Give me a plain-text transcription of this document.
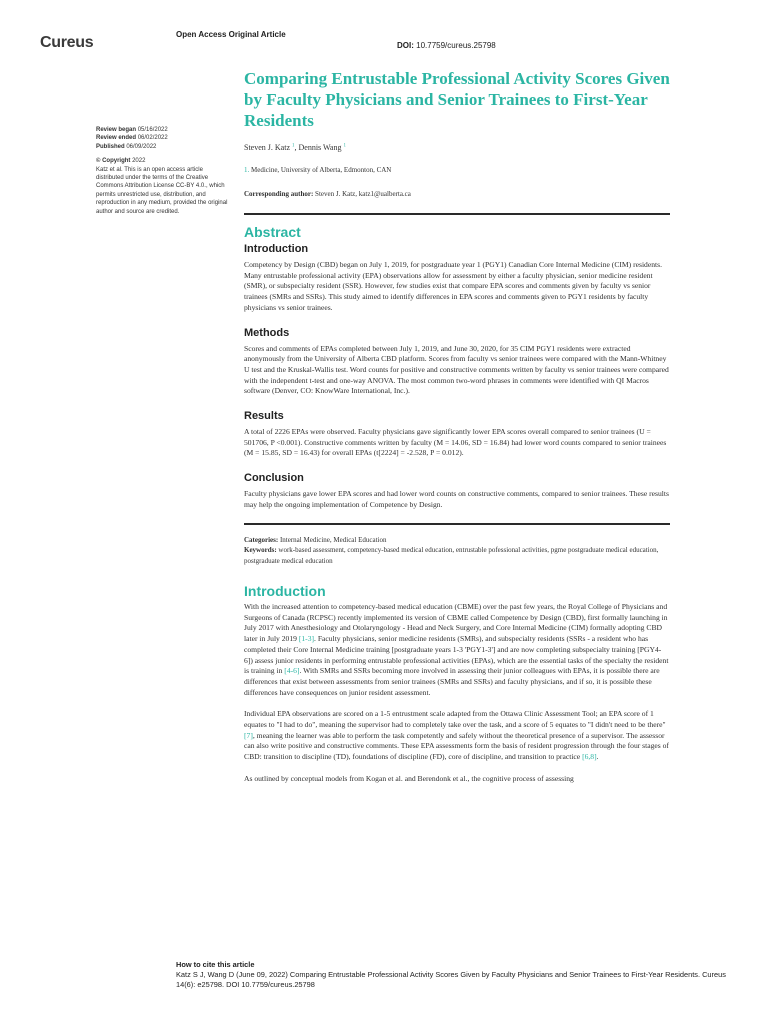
Cureus	Open Access Original Article
DOI: 10.7759/cureus.25798
Review began 05/16/2022
Review ended 06/02/2022
Published 06/09/2022
© Copyright 2022
Katz et al. This is an open access article distributed under the terms of the Creative Commons Attribution License CC-BY 4.0., which permits unrestricted use, distribution, and reproduction in any medium, provided the original author and source are credited.
Comparing Entrustable Professional Activity Scores Given by Faculty Physicians and Senior Trainees to First-Year Residents
Steven J. Katz $^1$, Dennis Wang $^1$
1. Medicine, University of Alberta, Edmonton, CAN
Corresponding author: Steven J. Katz, katz1@ualberta.ca
Abstract
Introduction

Competency by Design (CBD) began on July 1, 2019, for postgraduate year 1 (PGY1) Canadian Core Internal Medicine (CIM) residents. Many entrustable professional activity (EPA) observations allow for assessment by either a faculty physician, senior medicine resident (SMR), or subspecialty resident (SSR). However, few studies exist that compare EPA scores and comments given by faculty vs senior trainees (SMRs and SSRs). This study aimed to identify differences in EPA scores and comments given to PGY1 residents by faculty physicians vs senior trainees.

Methods

Scores and comments of EPAs completed between July 1, 2019, and June 30, 2020, for 35 CIM PGY1 residents were extracted anonymously from the University of Alberta CBD platform. Scores from faculty vs senior trainees were compared with the Mann-Whitney U test and the Kruskal-Wallis test. Word counts for positive and constructive comments written by faculty vs senior trainees were compared with the independent t-test and one-way ANOVA. The most common two-word phrases in comments were identified with QI Macros software (Denver, CO: KnowWare International, Inc.).

Results

A total of 2226 EPAs were observed. Faculty physicians gave significantly lower EPA scores overall compared to senior trainees (U = 501706, P <0.001). Constructive comments written by faculty (M = 14.06, SD = 16.84) had lower word counts compared to senior trainees (M = 15.85, SD = 16.43) for overall EPAs (t[2224] = -2.528, P = 0.012).

Conclusion

Faculty physicians gave lower EPA scores and had lower word counts on constructive comments, compared to senior trainees. These results may help the ongoing implementation of Competence by Design.

Categories: Internal Medicine, Medical Education
Keywords: work-based assessment, competency-based medical education, entrustable pofessional activities, pgme postgraduate medical education, postgraduate medical education
Introduction

With the increased attention to competency-based medical education (CBME) over the past few years, the Royal College of Physicians and Surgeons of Canada (RCPSC) recently implemented its version of CBME called Competence by Design (CBD), first formally launching in July 2017 with Anesthesiology and Otolaryngology - Head and Neck Surgery, and Core Internal Medicine (CIM) formally adopting CBD later in July 2019 [1-3]. Faculty physicians, senior medicine residents (SMRs), and subspecialty residents (SSRs - a resident who has completed their Core Internal Medicine training [postgraduate years 1-3 'PGY1-3'] and are now completing subspecialty training [PGY4-6]) assess junior residents in performing entrustable professional activities (EPAs), which are the essential tasks of the specialty the resident is training in [4-6]. With SMRs and SSRs becoming more involved in assessing their junior colleagues with EPAs, it is possible there are differences that exist between assessments from senior trainees (SMRs and SSRs) and faculty physicians, and if so, it is possible these differences have consequences on junior resident assessment.

Individual EPA observations are scored on a 1-5 entrustment scale adapted from the Ottawa Clinic Assessment Tool; an EPA score of 1 equates to "I had to do", meaning the supervisor had to completely take over the task, and a score of 5 equates to "I didn't need to be there"[7], meaning the learner was able to perform the task competently and safely without the theoretical presence of a supervisor. The assessor can also write positive and constructive comments. These EPA assessments form the basis of resident progression through the four stages of CBD: transition to discipline (TD), foundations of discipline (FD), core of discipline, and transition to practice [6,8].

As outlined by conceptual models from Kogan et al. and Berendonk et al., the cognitive process of assessing

How to cite this article
Katz S J, Wang D (June 09, 2022) Comparing Entrustable Professional Activity Scores Given by Faculty Physicians and Senior Trainees to First-Year Residents. Cureus 14(6): e25798. DOI 10.7759/cureus.25798
